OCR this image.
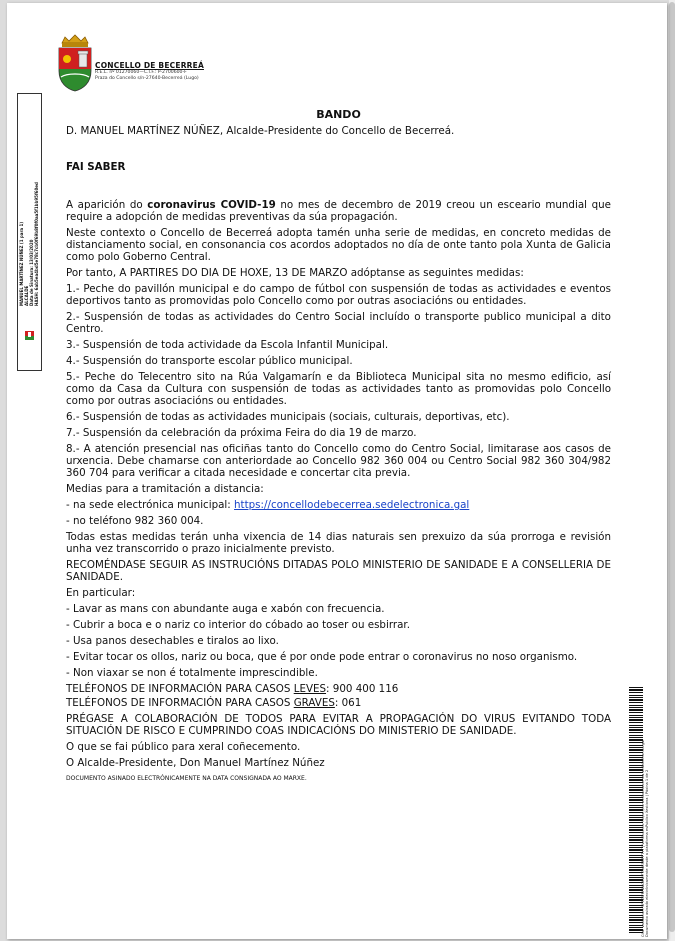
CONCELLO DE BECERREÁ
R.E.L. nº 01270060—C.I.F.: P-2700600-F
Praza do Concello s/n-27640-Becerreá (Lugo)
MANUEL MARTÍNEZ NÚÑEZ (1 para 1) ALCALDE Data de Sinatura: 13/03/2020 HASH: 6ab5ea4bd5e78c7cb0f69b8f0f0aa5f1bb95f60ed
BANDO
D. MANUEL MARTÍNEZ NÚÑEZ, Alcalde-Presidente do Concello de Becerreá.
FAI SABER
A aparición do coronavirus COVID-19 no mes de decembro de 2019 creou un esceario mundial que require a adopción de medidas preventivas da súa propagación.
Neste contexto o Concello de Becerreá adopta tamén unha serie de medidas, en concreto medidas de distanciamento social, en consonancia cos acordos adoptados no día de onte tanto pola Xunta de Galicia como polo Goberno Central.
Por tanto, A PARTIRES DO DIA DE HOXE, 13 DE MARZO adóptanse as seguintes medidas:
1.- Peche do pavillón municipal e do campo de fútbol con suspensión de todas as actividades e eventos deportivos tanto as promovidas polo Concello como por outras asociacións ou entidades.
2.- Suspensión de todas as actividades do Centro Social incluído o transporte publico municipal a dito Centro.
3.- Suspensión de toda actividade da Escola Infantil Municipal.
4.- Suspensión do transporte escolar público municipal.
5.- Peche do Telecentro sito na Rúa Valgamarín e da Biblioteca Municipal sita no mesmo edificio, así como da Casa da Cultura con suspensión de todas as actividades tanto as promovidas polo Concello como por outras asociacións ou entidades.
6.- Suspensión de todas as actividades municipais (sociais, culturais, deportivas, etc).
7.- Suspensión da celebración da próxima Feira do dia 19 de marzo.
8.- A atención presencial nas oficiñas tanto do Concello como do Centro Social, limitarase aos casos de urxencia. Debe chamarse con anteriordade ao Concello 982 360 004 ou Centro Social 982 360 304/982 360 704 para verificar a citada necesidade e concertar cita previa.
Medias para a tramitación a distancia:
- na sede electrónica municipal: https://concellodebecerrea.sedelectronica.gal
- no teléfono 982 360 004.
Todas estas medidas terán unha vixencia de 14 dias naturais sen prexuizo da súa prorroga e revisión unha vez transcorrido o prazo inicialmente previsto.
RECOMÉNDASE SEGUIR AS INSTRUCIÓNS DITADAS POLO MINISTERIO DE SANIDADE E A CONSELLERIA DE SANIDADE.
En particular:
- Lavar as mans con abundante auga e xabón con frecuencia.
- Cubrir a boca e o nariz co interior do cóbado ao toser ou esbirrar.
- Usa panos desechables e tiralos ao lixo.
- Evitar tocar os ollos, nariz ou boca, que é por onde pode entrar o coronavirus no noso organismo.
- Non viaxar se non é totalmente imprescindible.
TELÉFONOS DE INFORMACIÓN PARA CASOS LEVES: 900 400 116
TELÉFONOS DE INFORMACIÓN PARA CASOS GRAVES: 061
PRÉGASE A COLABORACIÓN DE TODOS PARA EVITAR A PROPAGACIÓN DO VIRUS EVITANDO TODA SITUACIÓN DE RISCO E CUMPRINDO COAS INDICACIÓNS DO MINISTERIO DE SANIDADE.
O que se fai público para xeral coñecemento.
O Alcalde-Presidente, Don Manuel Martínez Núñez
DOCUMENTO ASINADO ELECTRÓNICAMENTE NA DATA CONSIGNADA AO MARXE.	Cód. Validación: 9F7ZWRHLAGKW7TR4KSMFPTYT | Verificación: https://concellodebecerrea.sedelectronica.gal Documento asinado electrónicamente desde a plataforma esPublico Xestiona | Páxina 1 de 2
